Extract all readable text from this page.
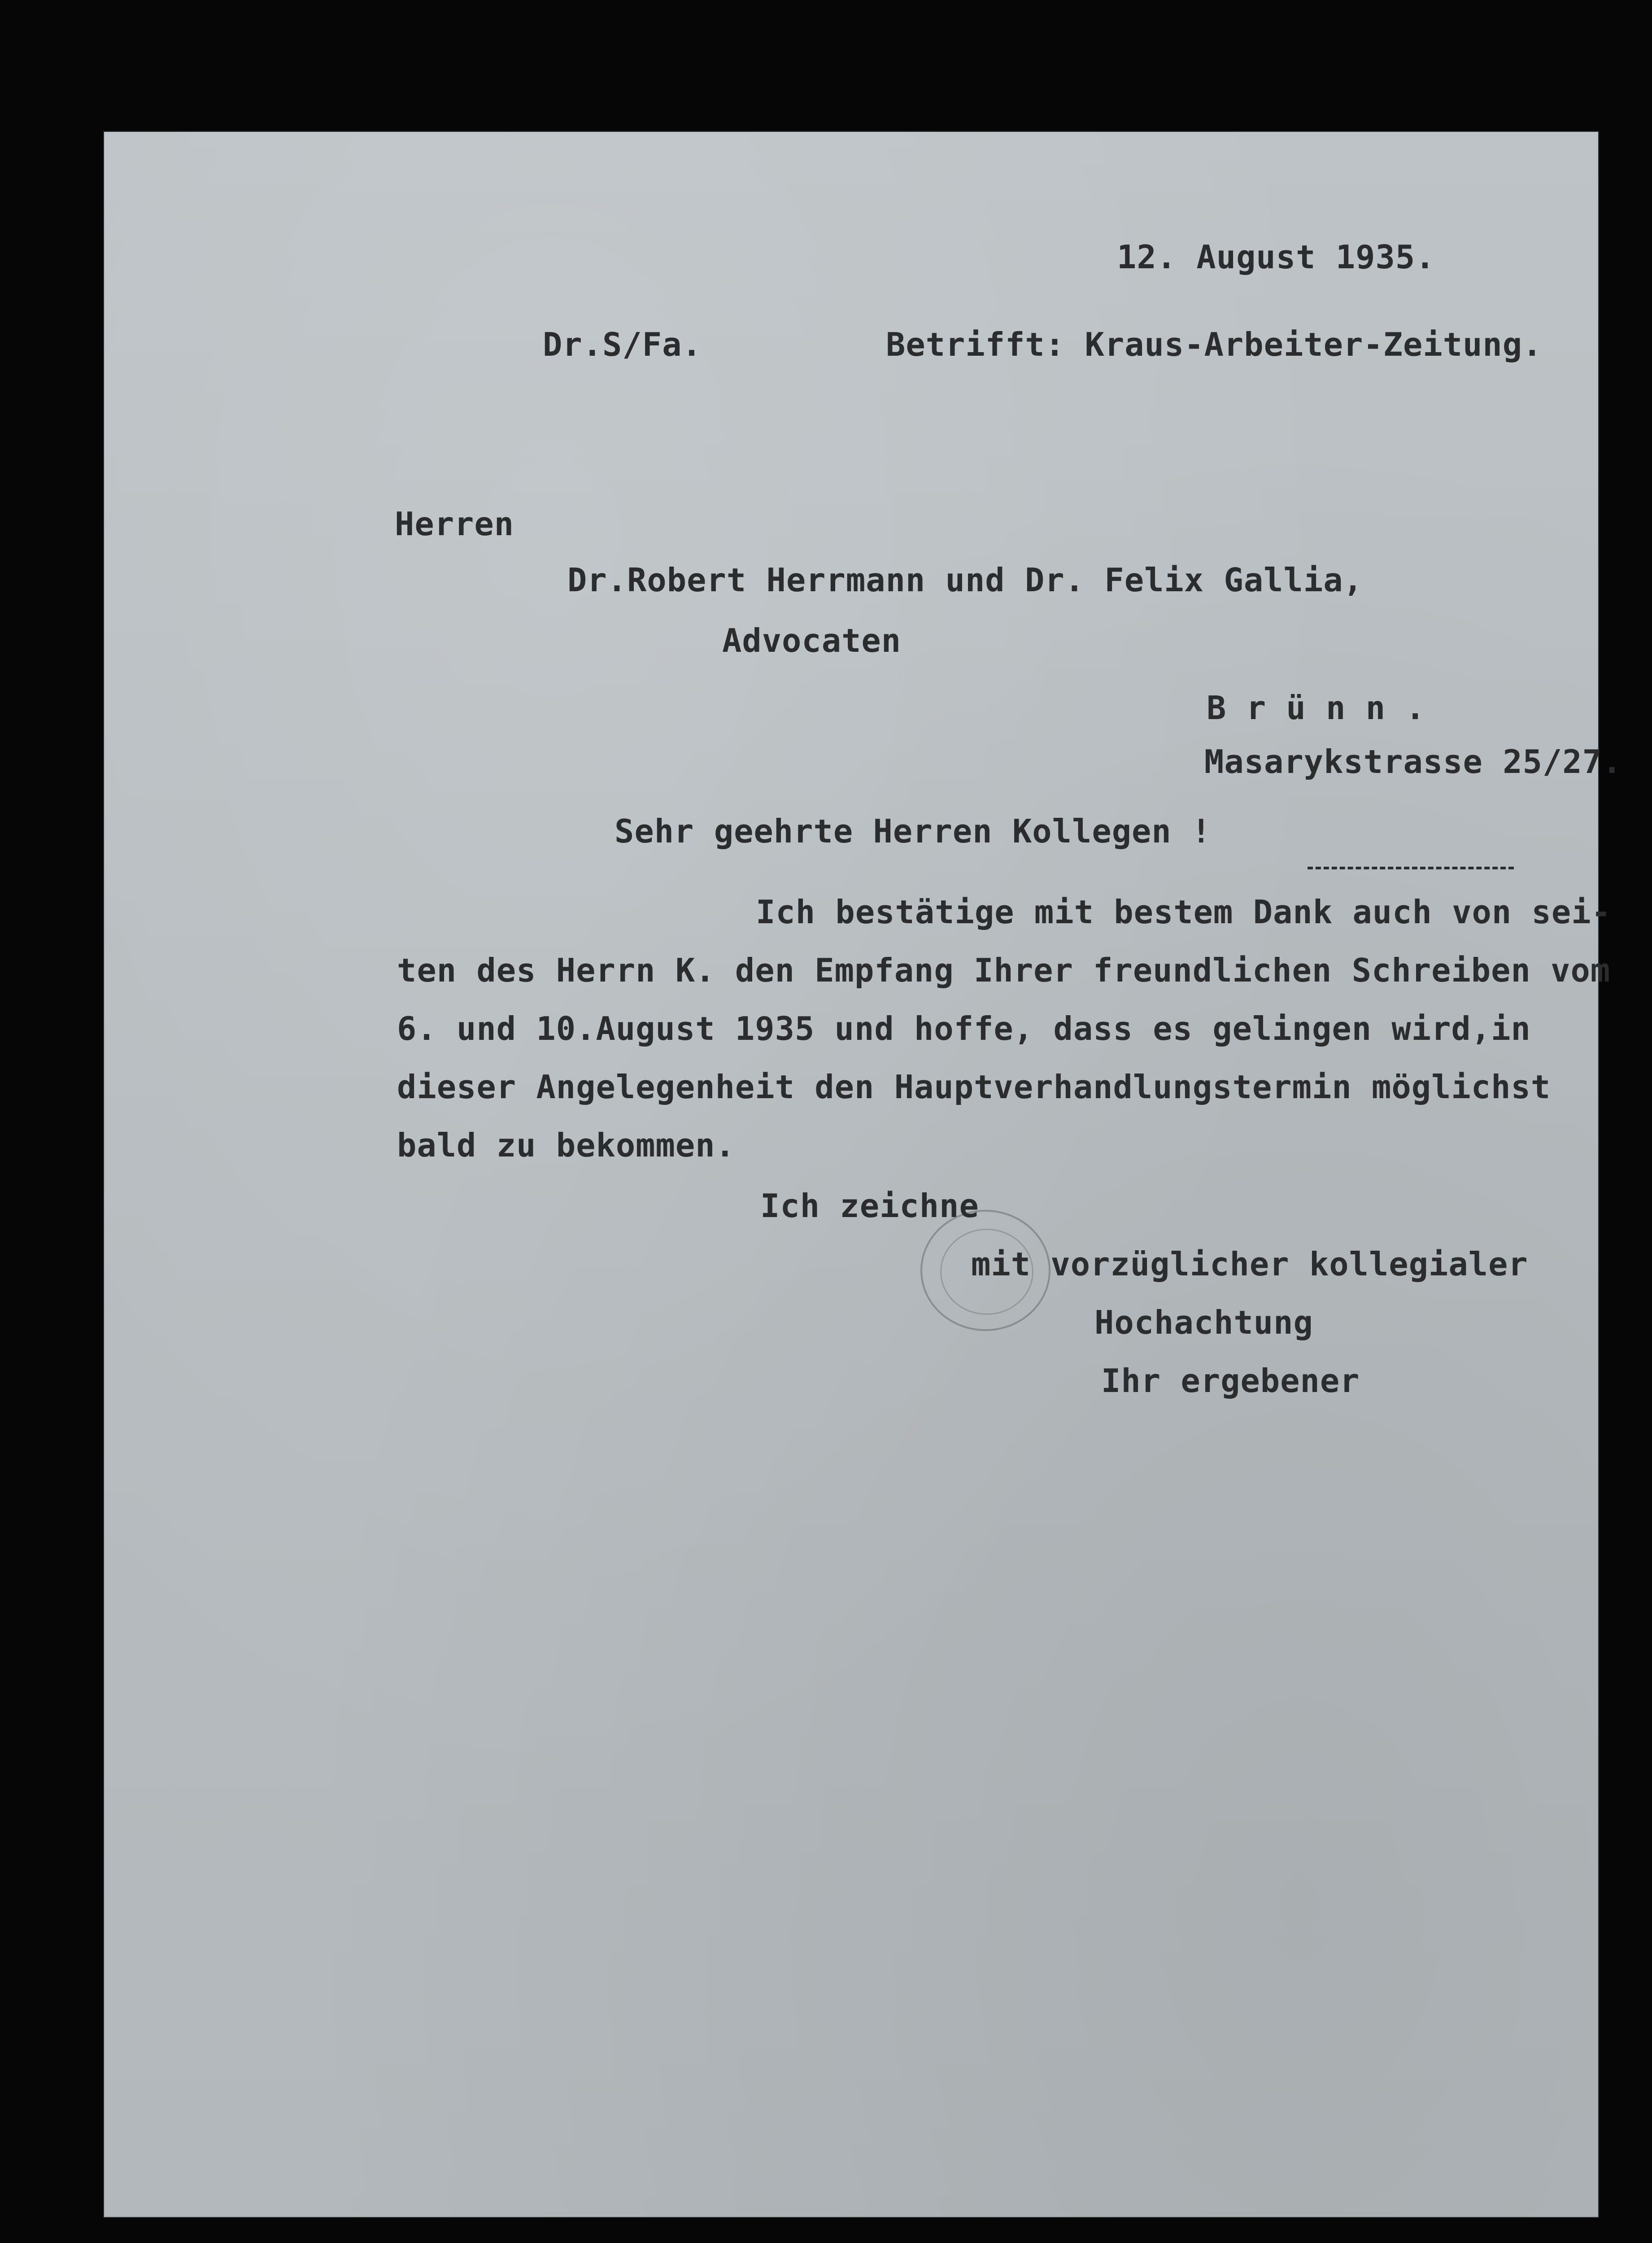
12. August 1935.
Dr.S/Fa.	Betrifft: Kraus-Arbeiter-Zeitung.
Herren
Dr.Robert Herrmann und Dr. Felix Gallia,
Advocaten
B r ü n n .
Masarykstrasse 25/27.
Sehr geehrte Herren Kollegen !
Ich bestätige mit bestem Dank auch von sei-
ten des Herrn K. den Empfang Ihrer freundlichen Schreiben vom
6. und 10.August 1935 und hoffe, dass es gelingen wird,in
dieser Angelegenheit den Hauptverhandlungstermin möglichst
bald zu bekommen.
Ich zeichne
mit vorzüglicher kollegialer
Hochachtung
Ihr ergebener
